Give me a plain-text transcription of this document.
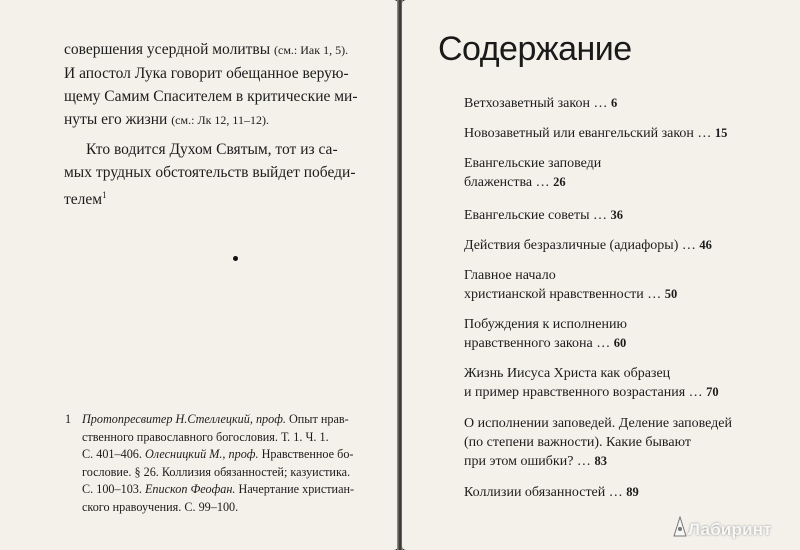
совершения усердной молитвы (см.: Иак 1, 5).

И апостол Лука говорит обещанное верую-

щему Самим Спасителем в критические ми-

нуты его жизни (см.: Лк 12, 11–12).

Кто водится Духом Святым, тот из са-

мых трудных обстоятельств выйдет победи-

телем$^1$

1 Протопресвитер Н.Стеллецкий, проф. Опыт нрав-

ственного православного богословия. Т. 1. Ч. 1.

С. 401–406. Олесницкий М., проф. Нравственное бо-

гословие. § 26. Коллизия обязанностей; казуистика.

С. 100–103. Епископ Феофан. Начертание христиан-

ского нравоучения. С. 99–100.

Содержание

Ветхозаветный закон … 6

Новозаветный или евангельский закон … 15

Евангельские заповеди

блаженства … 26

Евангельские советы … 36

Действия безразличные (адиафоры) … 46

Главное начало

христианской нравственности … 50

Побуждения к исполнению

нравственного закона … 60

Жизнь Иисуса Христа как образец

и пример нравственного возрастания … 70

О исполнении заповедей. Деление заповедей

(по степени важности). Какие бывают

при этом ошибки? … 83

Коллизии обязанностей … 89

Лабиринт
